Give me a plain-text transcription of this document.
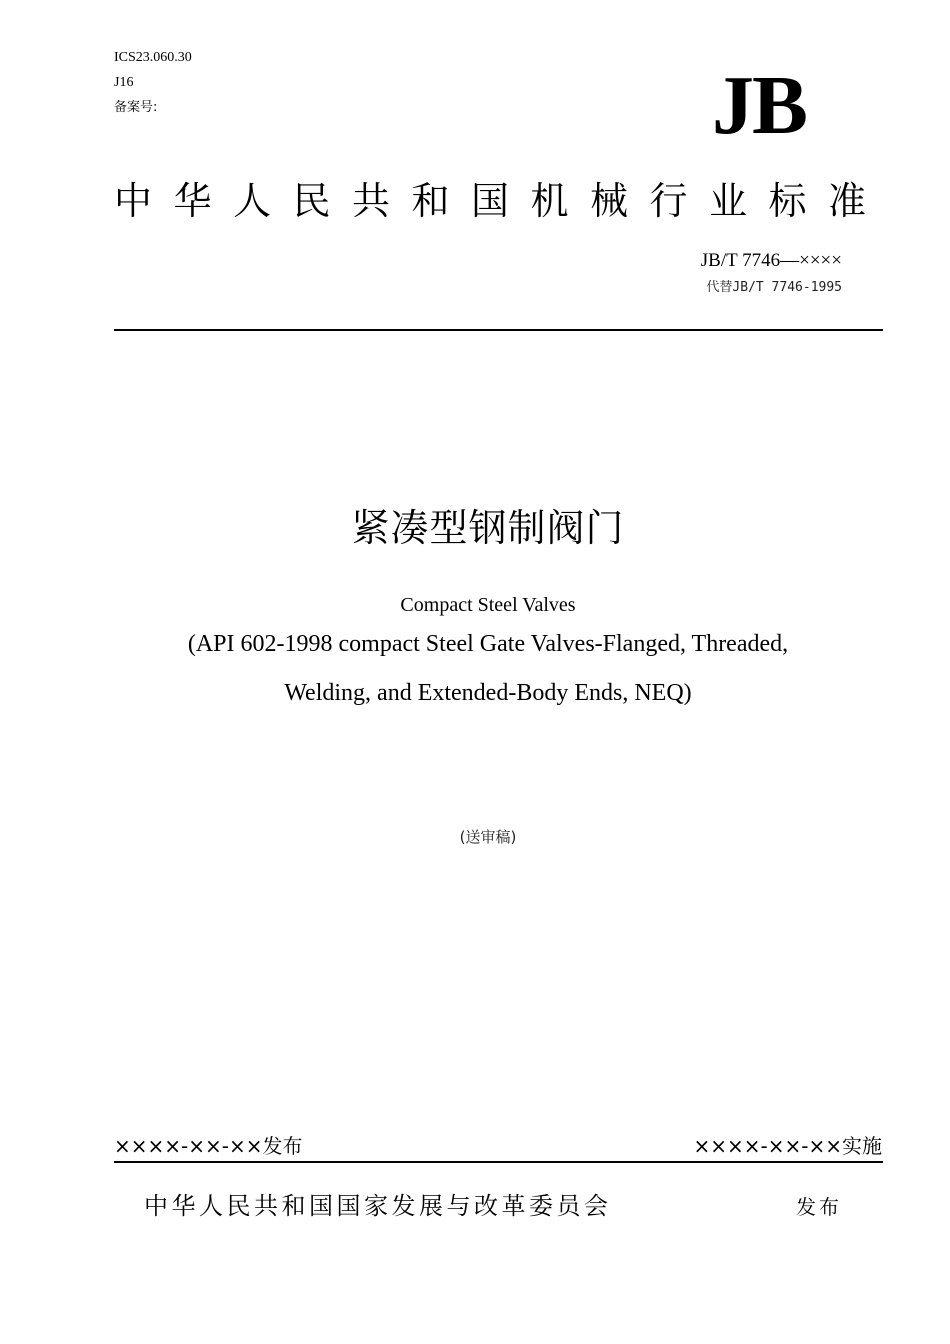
ICS23.060.30
J16
备案号:	JB
中华人民共和国机械行业标准
JB/T 7746—××××
代替JB/T 7746-1995
紧凑型钢制阀门
Compact Steel Valves
(API 602-1998 compact Steel Gate Valves-Flanged, Threaded,
Welding, and Extended-Body Ends, NEQ)
(送审稿)
××××-××-××发布	××××-××-××实施
中华人民共和国国家发展与改革委员会	发布
